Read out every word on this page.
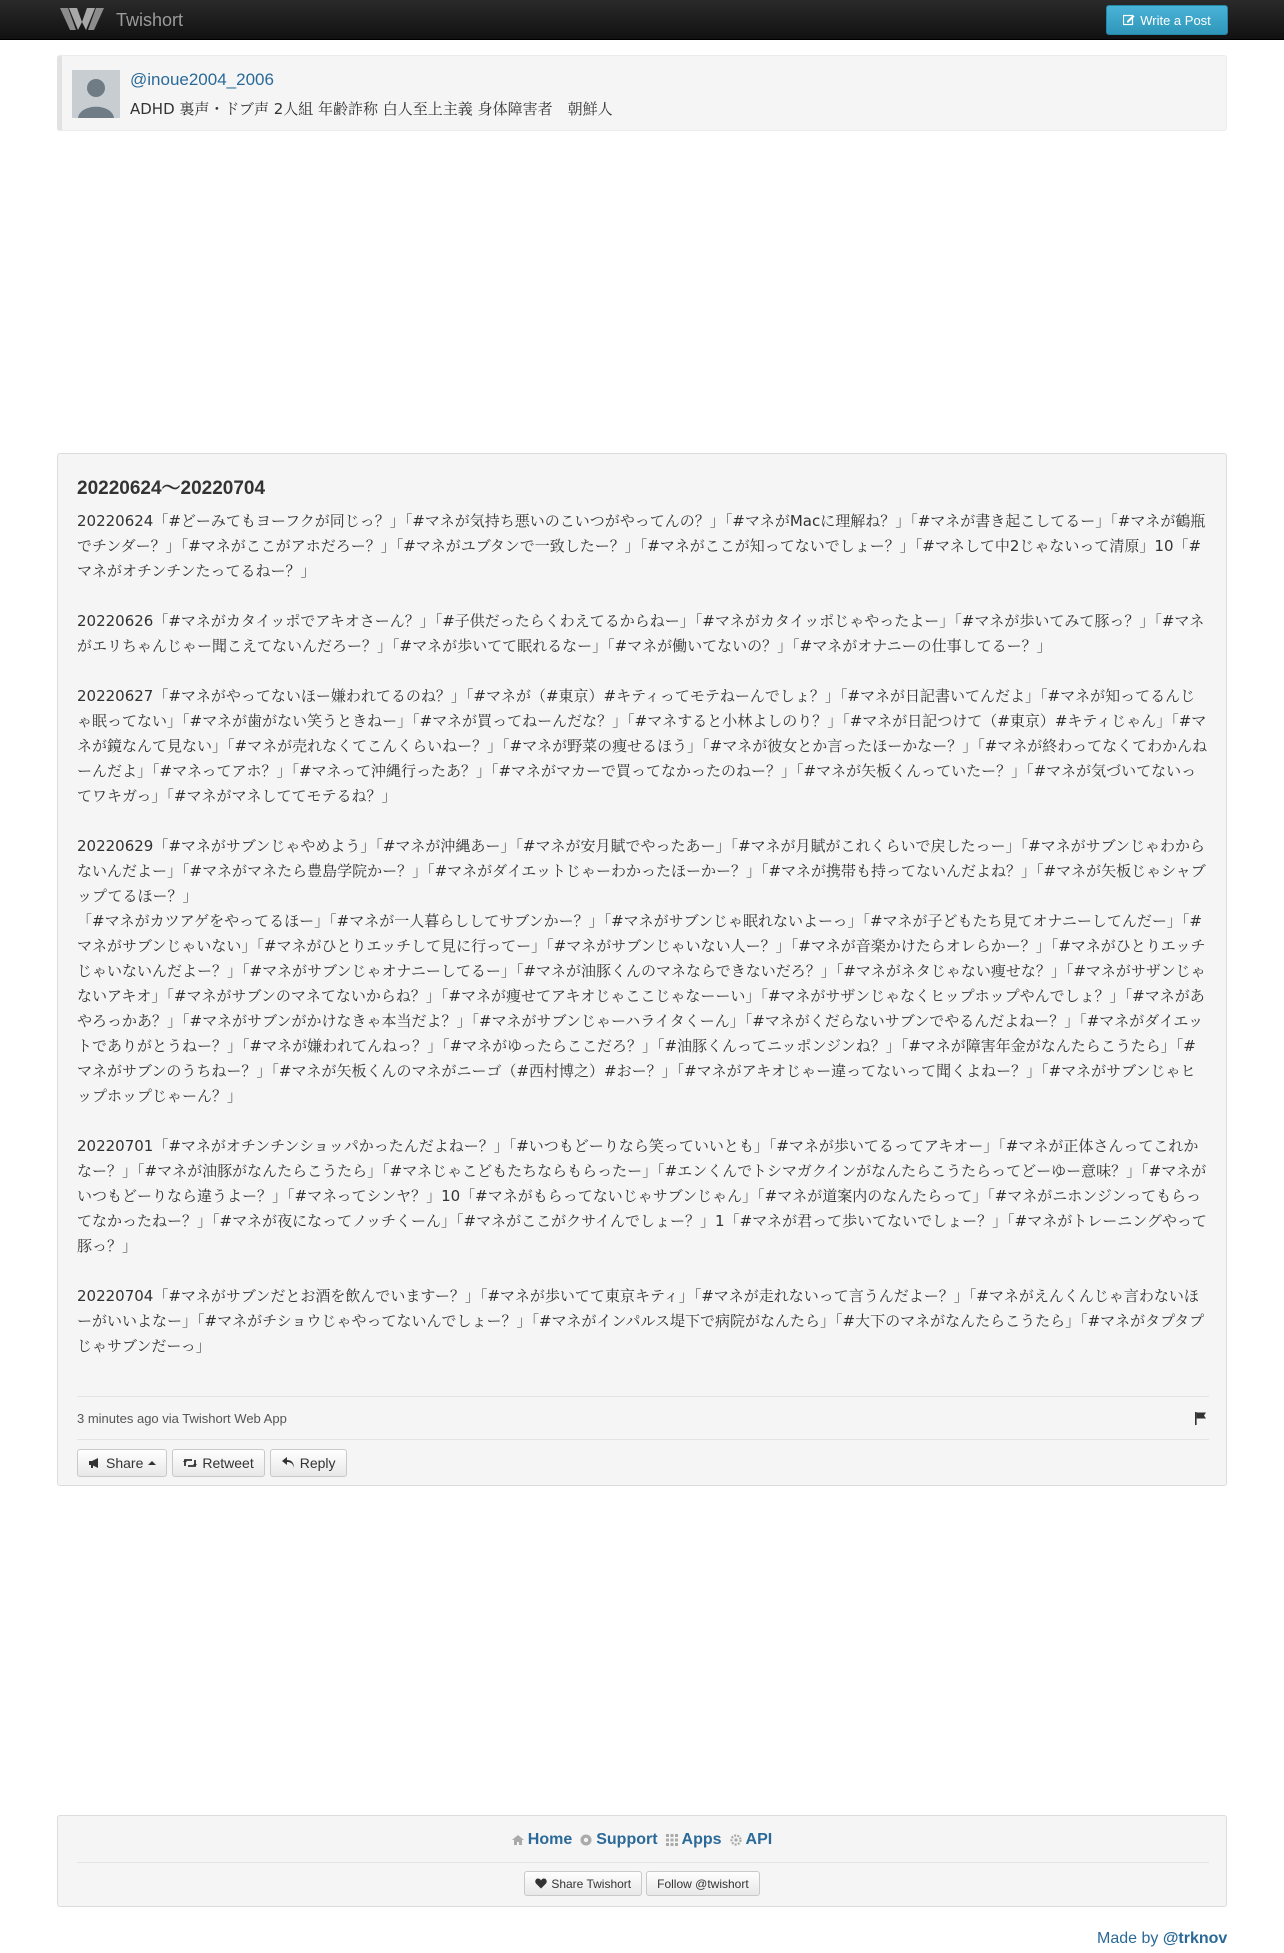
Twishort	Write a Post
@inoue2004_2006
ADHD 裏声・ドブ声 2人組 年齢詐称 白人至上主義 身体障害者　朝鮮人
20220624～20220704

20220624「#どーみてもヨーフクが同じっ？」「#マネが気持ち悪いのこいつがやってんの？」「#マネがMacに理解ね？」「#マネが書き起こしてるー」「#マネが鶴瓶でチンダー？」「#マネがここがアホだろー？」「#マネがユブタンで一致したー？」「#マネがここが知ってないでしょー？」「#マネして中2じゃないって清原」10「#マネがオチンチンたってるねー？」

20220626「#マネがカタイッポでアキオさーん？」「#子供だったらくわえてるからねー」「#マネがカタイッポじゃやったよー」「#マネが歩いてみて豚っ？」「#マネがエリちゃんじゃー聞こえてないんだろー？」「#マネが歩いてて眠れるなー」「#マネが働いてないの？」「#マネがオナニーの仕事してるー？」

20220627「#マネがやってないほー嫌われてるのね？」「#マネが（#東京）#キティってモテねーんでしょ？」「#マネが日記書いてんだよ」「#マネが知ってるんじゃ眠ってない」「#マネが歯がない笑うときねー」「#マネが買ってねーんだな？」「#マネすると小林よしのり？」「#マネが日記つけて（#東京）#キティじゃん」「#マネが鏡なんて見ない」「#マネが売れなくてこんくらいねー？」「#マネが野菜の痩せるほう」「#マネが彼女とか言ったほーかなー？」「#マネが終わってなくてわかんねーんだよ」「#マネってアホ？」「#マネって沖縄行ったあ？」「#マネがマカーで買ってなかったのねー？」「#マネが矢板くんっていたー？」「#マネが気づいてないってワキガっ」「#マネがマネしててモテるね？」

20220629「#マネがサブンじゃやめよう」「#マネが沖縄あー」「#マネが安月賦でやったあー」「#マネが月賦がこれくらいで戻したっー」「#マネがサブンじゃわからないんだよー」「#マネがマネたら豊島学院かー？」「#マネがダイエットじゃーわかったほーかー？」「#マネが携帯も持ってないんだよね？」「#マネが矢板じゃシャブップてるほー？」

「#マネがカツアゲをやってるほー」「#マネが一人暮らししてサブンかー？」「#マネがサブンじゃ眠れないよーっ」「#マネが子どもたち見てオナニーしてんだー」「#マネがサブンじゃいない」「#マネがひとりエッチして見に行ってー」「#マネがサブンじゃいない人ー？」「#マネが音楽かけたらオレらかー？」「#マネがひとりエッチじゃいないんだよー？」「#マネがサブンじゃオナニーしてるー」「#マネが油豚くんのマネならできないだろ？」「#マネがネタじゃない痩せな？」「#マネがサザンじゃないアキオ」「#マネがサブンのマネてないからね？」「#マネが痩せてアキオじゃここじゃなーーい」「#マネがサザンじゃなくヒップホップやんでしょ？」「#マネがあやろっかあ？」「#マネがサブンがかけなきゃ本当だよ？」「#マネがサブンじゃーハライタくーん」「#マネがくだらないサブンでやるんだよねー？」「#マネがダイエットでありがとうねー？」「#マネが嫌われてんねっ？」「#マネがゆったらここだろ？」「#油豚くんってニッポンジンね？」「#マネが障害年金がなんたらこうたら」「#マネがサブンのうちねー？」「#マネが矢板くんのマネがニーゴ（#西村博之）#おー？」「#マネがアキオじゃー違ってないって聞くよねー？」「#マネがサブンじゃヒップホップじゃーん？」

20220701「#マネがオチンチンショッパかったんだよねー？」「#いつもどーりなら笑っていいとも」「#マネが歩いてるってアキオー」「#マネが正体さんってこれかなー？」「#マネが油豚がなんたらこうたら」「#マネじゃこどもたちならもらったー」「#エンくんでトシマガクインがなんたらこうたらってどーゆー意味？」「#マネがいつもどーりなら違うよー？」「#マネってシンヤ？」10「#マネがもらってないじゃサブンじゃん」「#マネが道案内のなんたらって」「#マネがニホンジンってもらってなかったねー？」「#マネが夜になってノッチくーん」「#マネがここがクサイんでしょー？」1「#マネが君って歩いてないでしょー？」「#マネがトレーニングやって豚っ？」

20220704「#マネがサブンだとお酒を飲んでいますー？」「#マネが歩いてて東京キティ」「#マネが走れないって言うんだよー？」「#マネがえんくんじゃ言わないほーがいいよなー」「#マネがチショウじゃやってないんでしょー？」「#マネがインパルス堤下で病院がなんたら」「#大下のマネがなんたらこうたら」「#マネがタプタプじゃサブンだーっ」

3 minutes ago via Twishort Web App
Share	Retweet	Reply
Home Support Apps API
Share Twishort Follow @twishort
Made by @trknov
